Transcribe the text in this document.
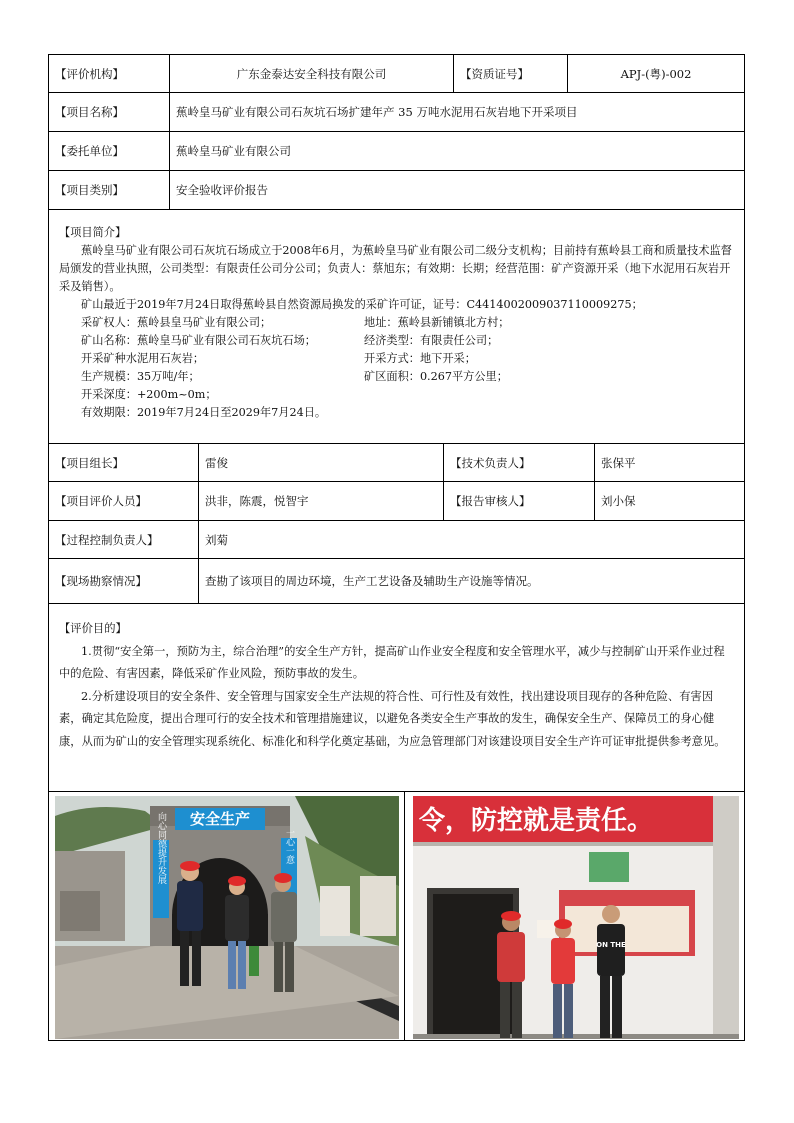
【评价机构】	广东金泰达安全科技有限公司	【资质证号】	APJ-(粤)-002
【项目名称】	蕉岭皇马矿业有限公司石灰坑石场扩建年产 35 万吨水泥用石灰岩地下开采项目
【委托单位】	蕉岭皇马矿业有限公司
【项目类别】	安全验收评价报告

【项目简介】

蕉岭皇马矿业有限公司石灰坑石场成立于2008年6月，为蕉岭皇马矿业有限公司二级分支机构；目前持有蕉岭县工商和质量技术监督局颁发的营业执照，公司类型：有限责任公司分公司；负责人：蔡旭东；有效期：长期；经营范围：矿产资源开采（地下水泥用石灰岩开采及销售）。

矿山最近于2019年7月24日取得蕉岭县自然资源局换发的采矿许可证，证号：C4414002009037110009275；

采矿权人：蕉岭县皇马矿业有限公司；	地址：蕉岭县新铺镇北方村；
矿山名称：蕉岭皇马矿业有限公司石灰坑石场；	经济类型：有限责任公司；
开采矿种水泥用石灰岩；	开采方式：地下开采；
生产规模：35万吨/年；	矿区面积：0.267平方公里；

开采深度：+200m~0m；

有效期限：2019年7月24日至2029年7月24日。

【项目组长】	雷俊	【技术负责人】	张保平
【项目评价人员】	洪非，陈震，悦智宇	【报告审核人】	刘小保
【过程控制负责人】	刘菊
【现场勘察情况】	查勘了该项目的周边环境，生产工艺设备及辅助生产设施等情况。

【评价目的】

1.贯彻“安全第一，预防为主，综合治理”的安全生产方针，提高矿山作业安全程度和安全管理水平，减少与控制矿山开采作业过程中的危险、有害因素，降低采矿作业风险，预防事故的发生。

2.分析建设项目的安全条件、安全管理与国家安全生产法规的符合性、可行性及有效性，找出建设项目现存的各种危险、有害因素，确定其危险度，提出合理可行的安全技术和管理措施建议，以避免各类安全生产事故的发生，确保安全生产、保障员工的身心健康，从而为矿山的安全管理实现系统化、标准化和科学化奠定基础，为应急管理部门对该建设项目安全生产许可证审批提供参考意见。

安全生产
向心同德提升发展	一心一意
令，防控就是责任。
ON THE
